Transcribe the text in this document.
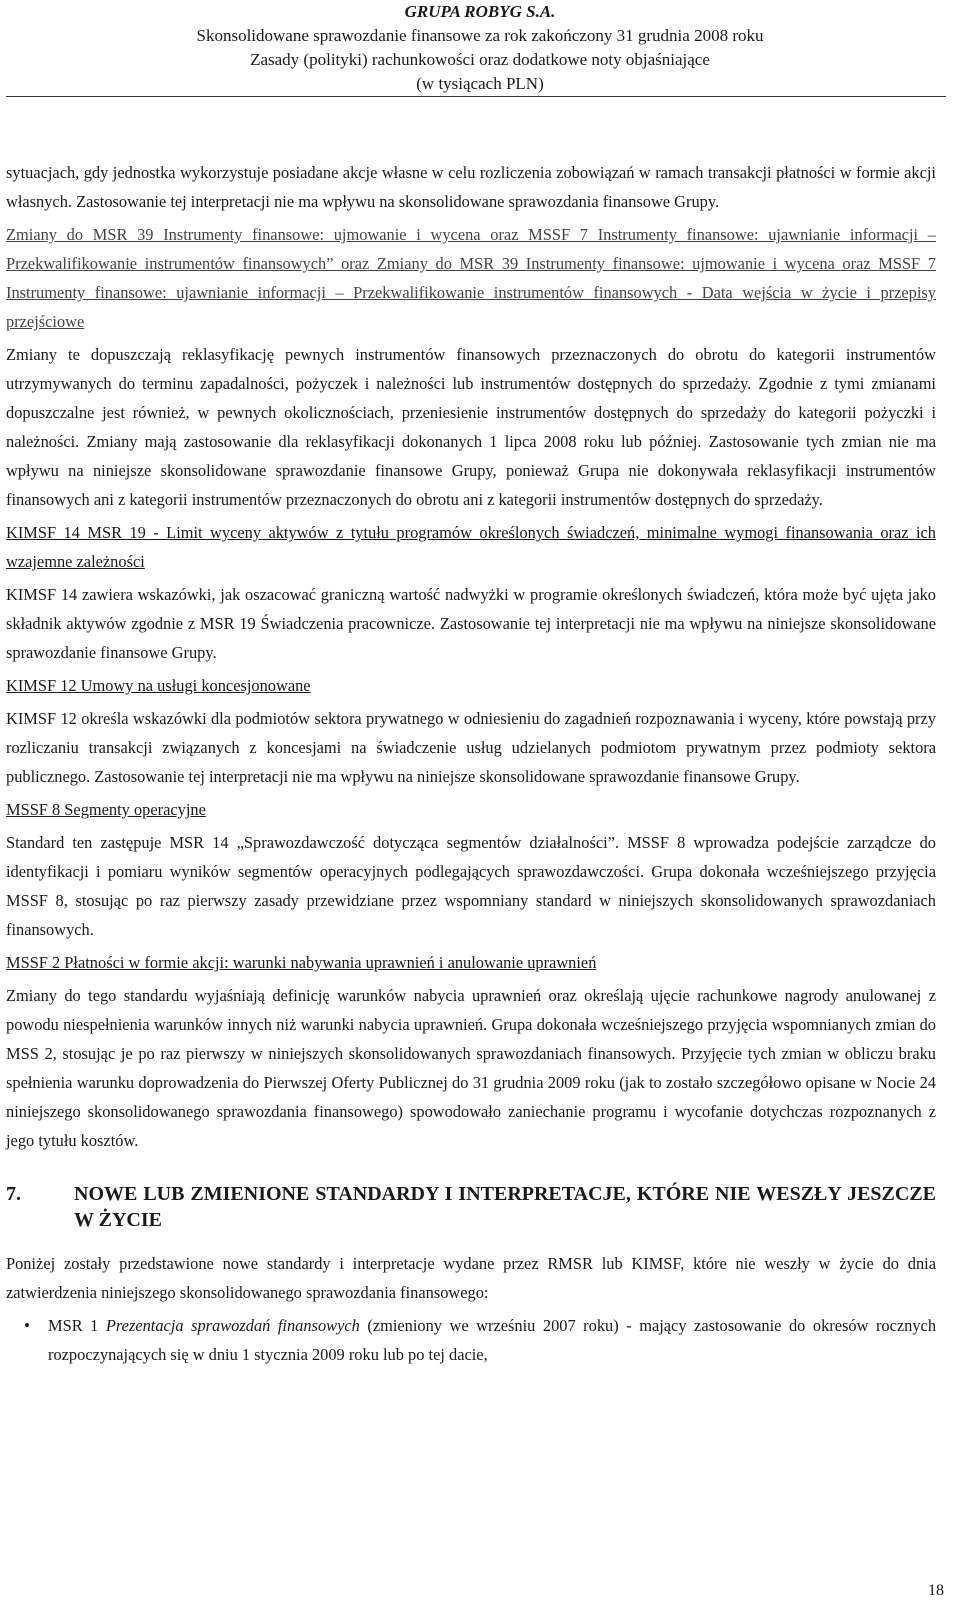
GRUPA ROBYG S.A.
Skonsolidowane sprawozdanie finansowe za rok zakończony 31 grudnia 2008 roku
Zasady (polityki) rachunkowości oraz dodatkowe noty objaśniające
(w tysiącach PLN)

sytuacjach, gdy jednostka wykorzystuje posiadane akcje własne w celu rozliczenia zobowiązań w ramach transakcji płatności w formie akcji własnych. Zastosowanie tej interpretacji nie ma wpływu na skonsolidowane sprawozdania finansowe Grupy.

Zmiany do MSR 39 Instrumenty finansowe: ujmowanie i wycena oraz MSSF 7 Instrumenty finansowe: ujawnianie informacji – Przekwalifikowanie instrumentów finansowych” oraz Zmiany do MSR 39 Instrumenty finansowe: ujmowanie i wycena oraz MSSF 7 Instrumenty finansowe: ujawnianie informacji – Przekwalifikowanie instrumentów finansowych - Data wejścia w życie i przepisy przejściowe

Zmiany te dopuszczają reklasyfikację pewnych instrumentów finansowych przeznaczonych do obrotu do kategorii instrumentów utrzymywanych do terminu zapadalności, pożyczek i należności lub instrumentów dostępnych do sprzedaży. Zgodnie z tymi zmianami dopuszczalne jest również, w pewnych okolicznościach, przeniesienie instrumentów dostępnych do sprzedaży do kategorii pożyczki i należności. Zmiany mają zastosowanie dla reklasyfikacji dokonanych 1 lipca 2008 roku lub później. Zastosowanie tych zmian nie ma wpływu na niniejsze skonsolidowane sprawozdanie finansowe Grupy, ponieważ Grupa nie dokonywała reklasyfikacji instrumentów finansowych ani z kategorii instrumentów przeznaczonych do obrotu ani z kategorii instrumentów dostępnych do sprzedaży.

KIMSF 14 MSR 19 - Limit wyceny aktywów z tytułu programów określonych świadczeń, minimalne wymogi finansowania oraz ich wzajemne zależności

KIMSF 14 zawiera wskazówki, jak oszacować graniczną wartość nadwyżki w programie określonych świadczeń, która może być ujęta jako składnik aktywów zgodnie z MSR 19 Świadczenia pracownicze. Zastosowanie tej interpretacji nie ma wpływu na niniejsze skonsolidowane sprawozdanie finansowe Grupy.

KIMSF 12 Umowy na usługi koncesjonowane

KIMSF 12 określa wskazówki dla podmiotów sektora prywatnego w odniesieniu do zagadnień rozpoznawania i wyceny, które powstają przy rozliczaniu transakcji związanych z koncesjami na świadczenie usług udzielanych podmiotom prywatnym przez podmioty sektora publicznego. Zastosowanie tej interpretacji nie ma wpływu na niniejsze skonsolidowane sprawozdanie finansowe Grupy.

MSSF 8 Segmenty operacyjne

Standard ten zastępuje MSR 14 „Sprawozdawczość dotycząca segmentów działalności”. MSSF 8 wprowadza podejście zarządcze do identyfikacji i pomiaru wyników segmentów operacyjnych podlegających sprawozdawczości. Grupa dokonała wcześniejszego przyjęcia MSSF 8, stosując po raz pierwszy zasady przewidziane przez wspomniany standard w niniejszych skonsolidowanych sprawozdaniach finansowych.

MSSF 2 Płatności w formie akcji: warunki nabywania uprawnień i anulowanie uprawnień

Zmiany do tego standardu wyjaśniają definicję warunków nabycia uprawnień oraz określają ujęcie rachunkowe nagrody anulowanej z powodu niespełnienia warunków innych niż warunki nabycia uprawnień. Grupa dokonała wcześniejszego przyjęcia wspomnianych zmian do MSS 2, stosując je po raz pierwszy w niniejszych skonsolidowanych sprawozdaniach finansowych. Przyjęcie tych zmian w obliczu braku spełnienia warunku doprowadzenia do Pierwszej Oferty Publicznej do 31 grudnia 2009 roku (jak to zostało szczegółowo opisane w Nocie 24 niniejszego skonsolidowanego sprawozdania finansowego) spowodowało zaniechanie programu i wycofanie dotychczas rozpoznanych z jego tytułu kosztów.

7.	NOWE LUB ZMIENIONE STANDARDY I INTERPRETACJE, KTÓRE NIE WESZŁY JESZCZE W ŻYCIE

Poniżej zostały przedstawione nowe standardy i interpretacje wydane przez RMSR lub KIMSF, które nie weszły w życie do dnia zatwierdzenia niniejszego skonsolidowanego sprawozdania finansowego:

•	MSR 1 Prezentacja sprawozdań finansowych (zmieniony we wrześniu 2007 roku) - mający zastosowanie do okresów rocznych rozpoczynających się w dniu 1 stycznia 2009 roku lub po tej dacie,
18
